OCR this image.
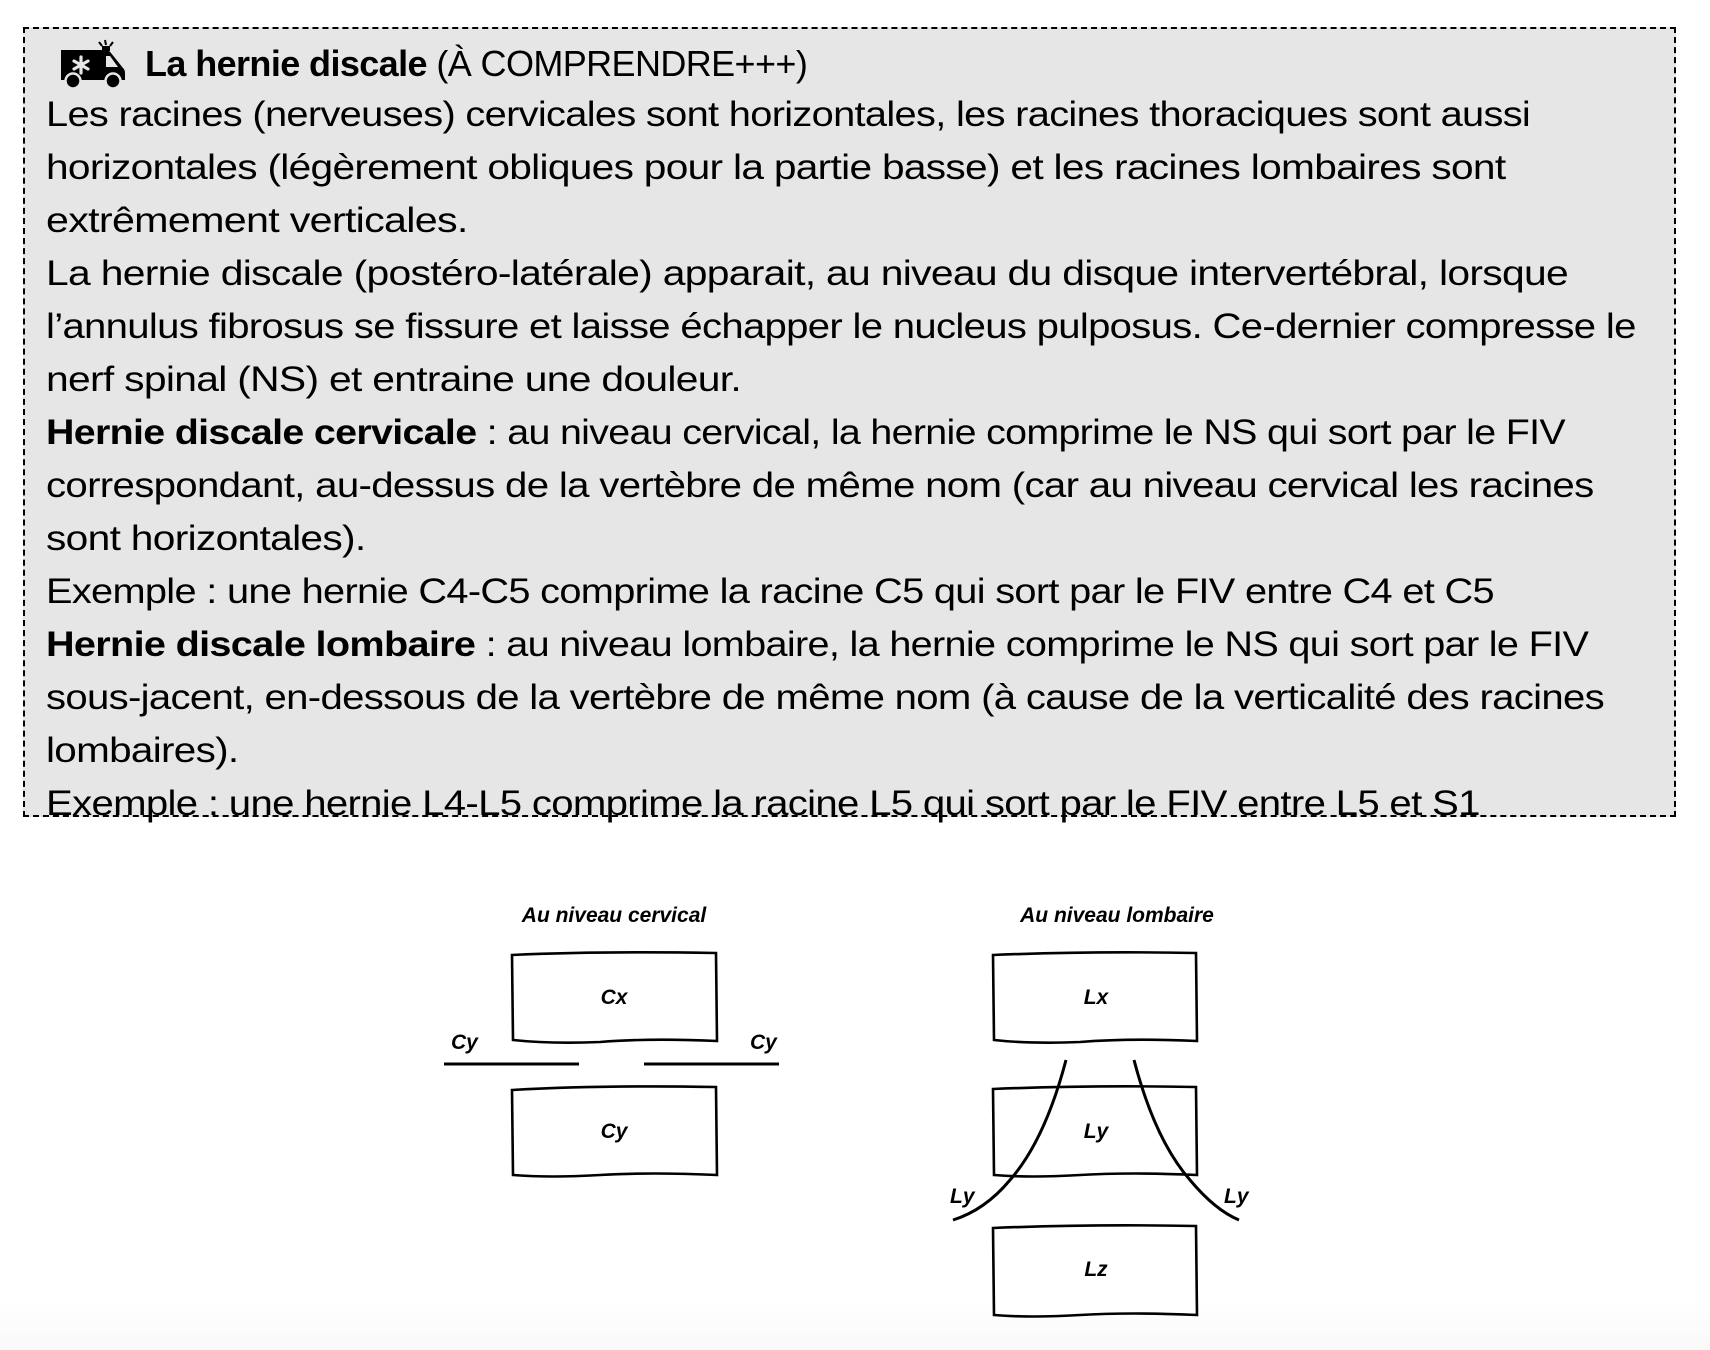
La hernie discale (À COMPRENDRE+++)
Les racines (nerveuses) cervicales sont horizontales, les racines thoraciques sont aussi
horizontales (légèrement obliques pour la partie basse) et les racines lombaires sont
extrêmement verticales.
La hernie discale (postéro-latérale) apparait, au niveau du disque intervertébral, lorsque
l’annulus fibrosus se fissure et laisse échapper le nucleus pulposus. Ce-dernier compresse le
nerf spinal (NS) et entraine une douleur.
Hernie discale cervicale : au niveau cervical, la hernie comprime le NS qui sort par le FIV
correspondant, au-dessus de la vertèbre de même nom (car au niveau cervical les racines
sont horizontales).
Exemple : une hernie C4-C5 comprime la racine C5 qui sort par le FIV entre C4 et C5
Hernie discale lombaire : au niveau lombaire, la hernie comprime le NS qui sort par le FIV
sous-jacent, en-dessous de la vertèbre de même nom (à cause de la verticalité des racines
lombaires).
Exemple : une hernie L4-L5 comprime la racine L5 qui sort par le FIV entre L5 et S1
Au niveau cervical
Cx
Cy	Cy
Cy
Au niveau lombaire
Lx
Ly
Lz
Ly	Ly
